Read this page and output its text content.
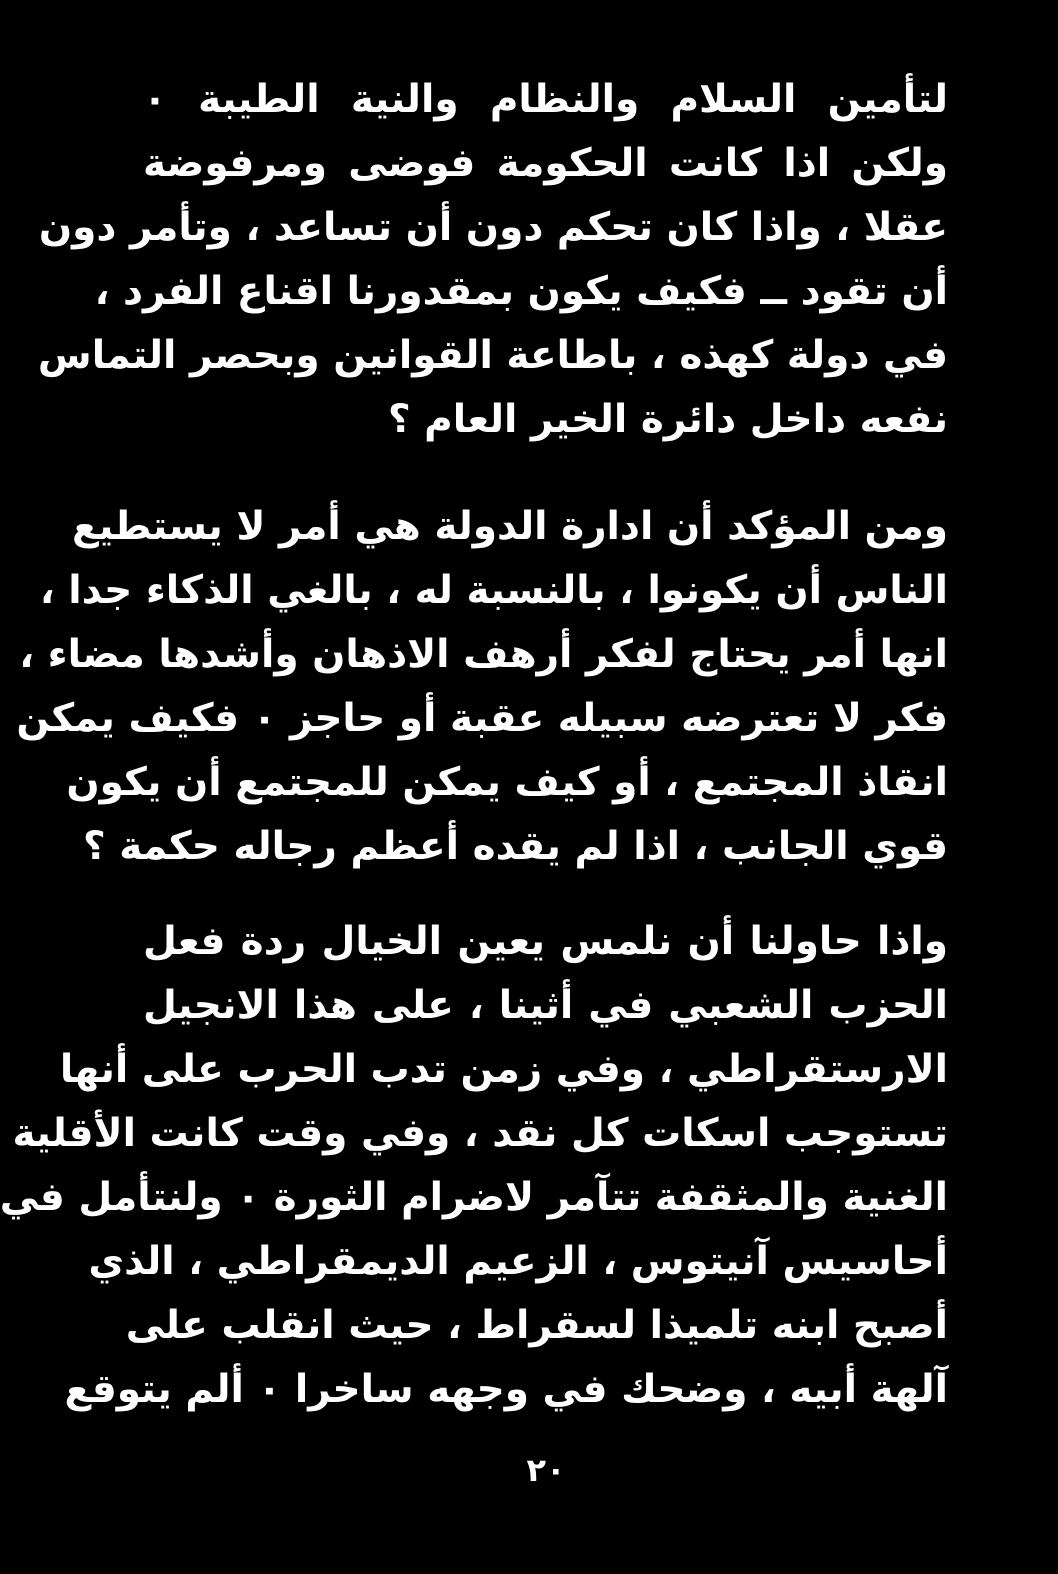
لتأمين السلام والنظام والنية الطيبة ٠
ولكن اذا كانت الحكومة فوضى ومرفوضة
عقلا ، واذا كان تحكم دون أن تساعد ، وتأمر دون
أن تقود ــ فكيف يكون بمقدورنا اقناع الفرد ،
في دولة كهذه ، باطاعة القوانين وبحصر التماس
نفعه داخل دائرة الخير العام ؟
ومن المؤكد أن ادارة الدولة هي أمر لا يستطيع
الناس أن يكونوا ، بالنسبة له ، بالغي الذكاء جدا ،
انها أمر يحتاج لفكر أرهف الاذهان وأشدها مضاء ،
فكر لا تعترضه سبيله عقبة أو حاجز ٠ فكيف يمكن
انقاذ المجتمع ، أو كيف يمكن للمجتمع أن يكون
قوي الجانب ، اذا لم يقده أعظم رجاله حكمة ؟
واذا حاولنا أن نلمس يعين الخيال ردة فعل
الحزب الشعبي في أثينا ، على هذا الانجيل
الارستقراطي ، وفي زمن تدب الحرب على أنها
تستوجب اسكات كل نقد ، وفي وقت كانت الأقلية
الغنية والمثقفة تتآمر لاضرام الثورة ٠ ولنتأمل في
أحاسيس آنيتوس ، الزعيم الديمقراطي ، الذي
أصبح ابنه تلميذا لسقراط ، حيث انقلب على
آلهة أبيه ، وضحك في وجهه ساخرا ٠ ألم يتوقع
٢٠
